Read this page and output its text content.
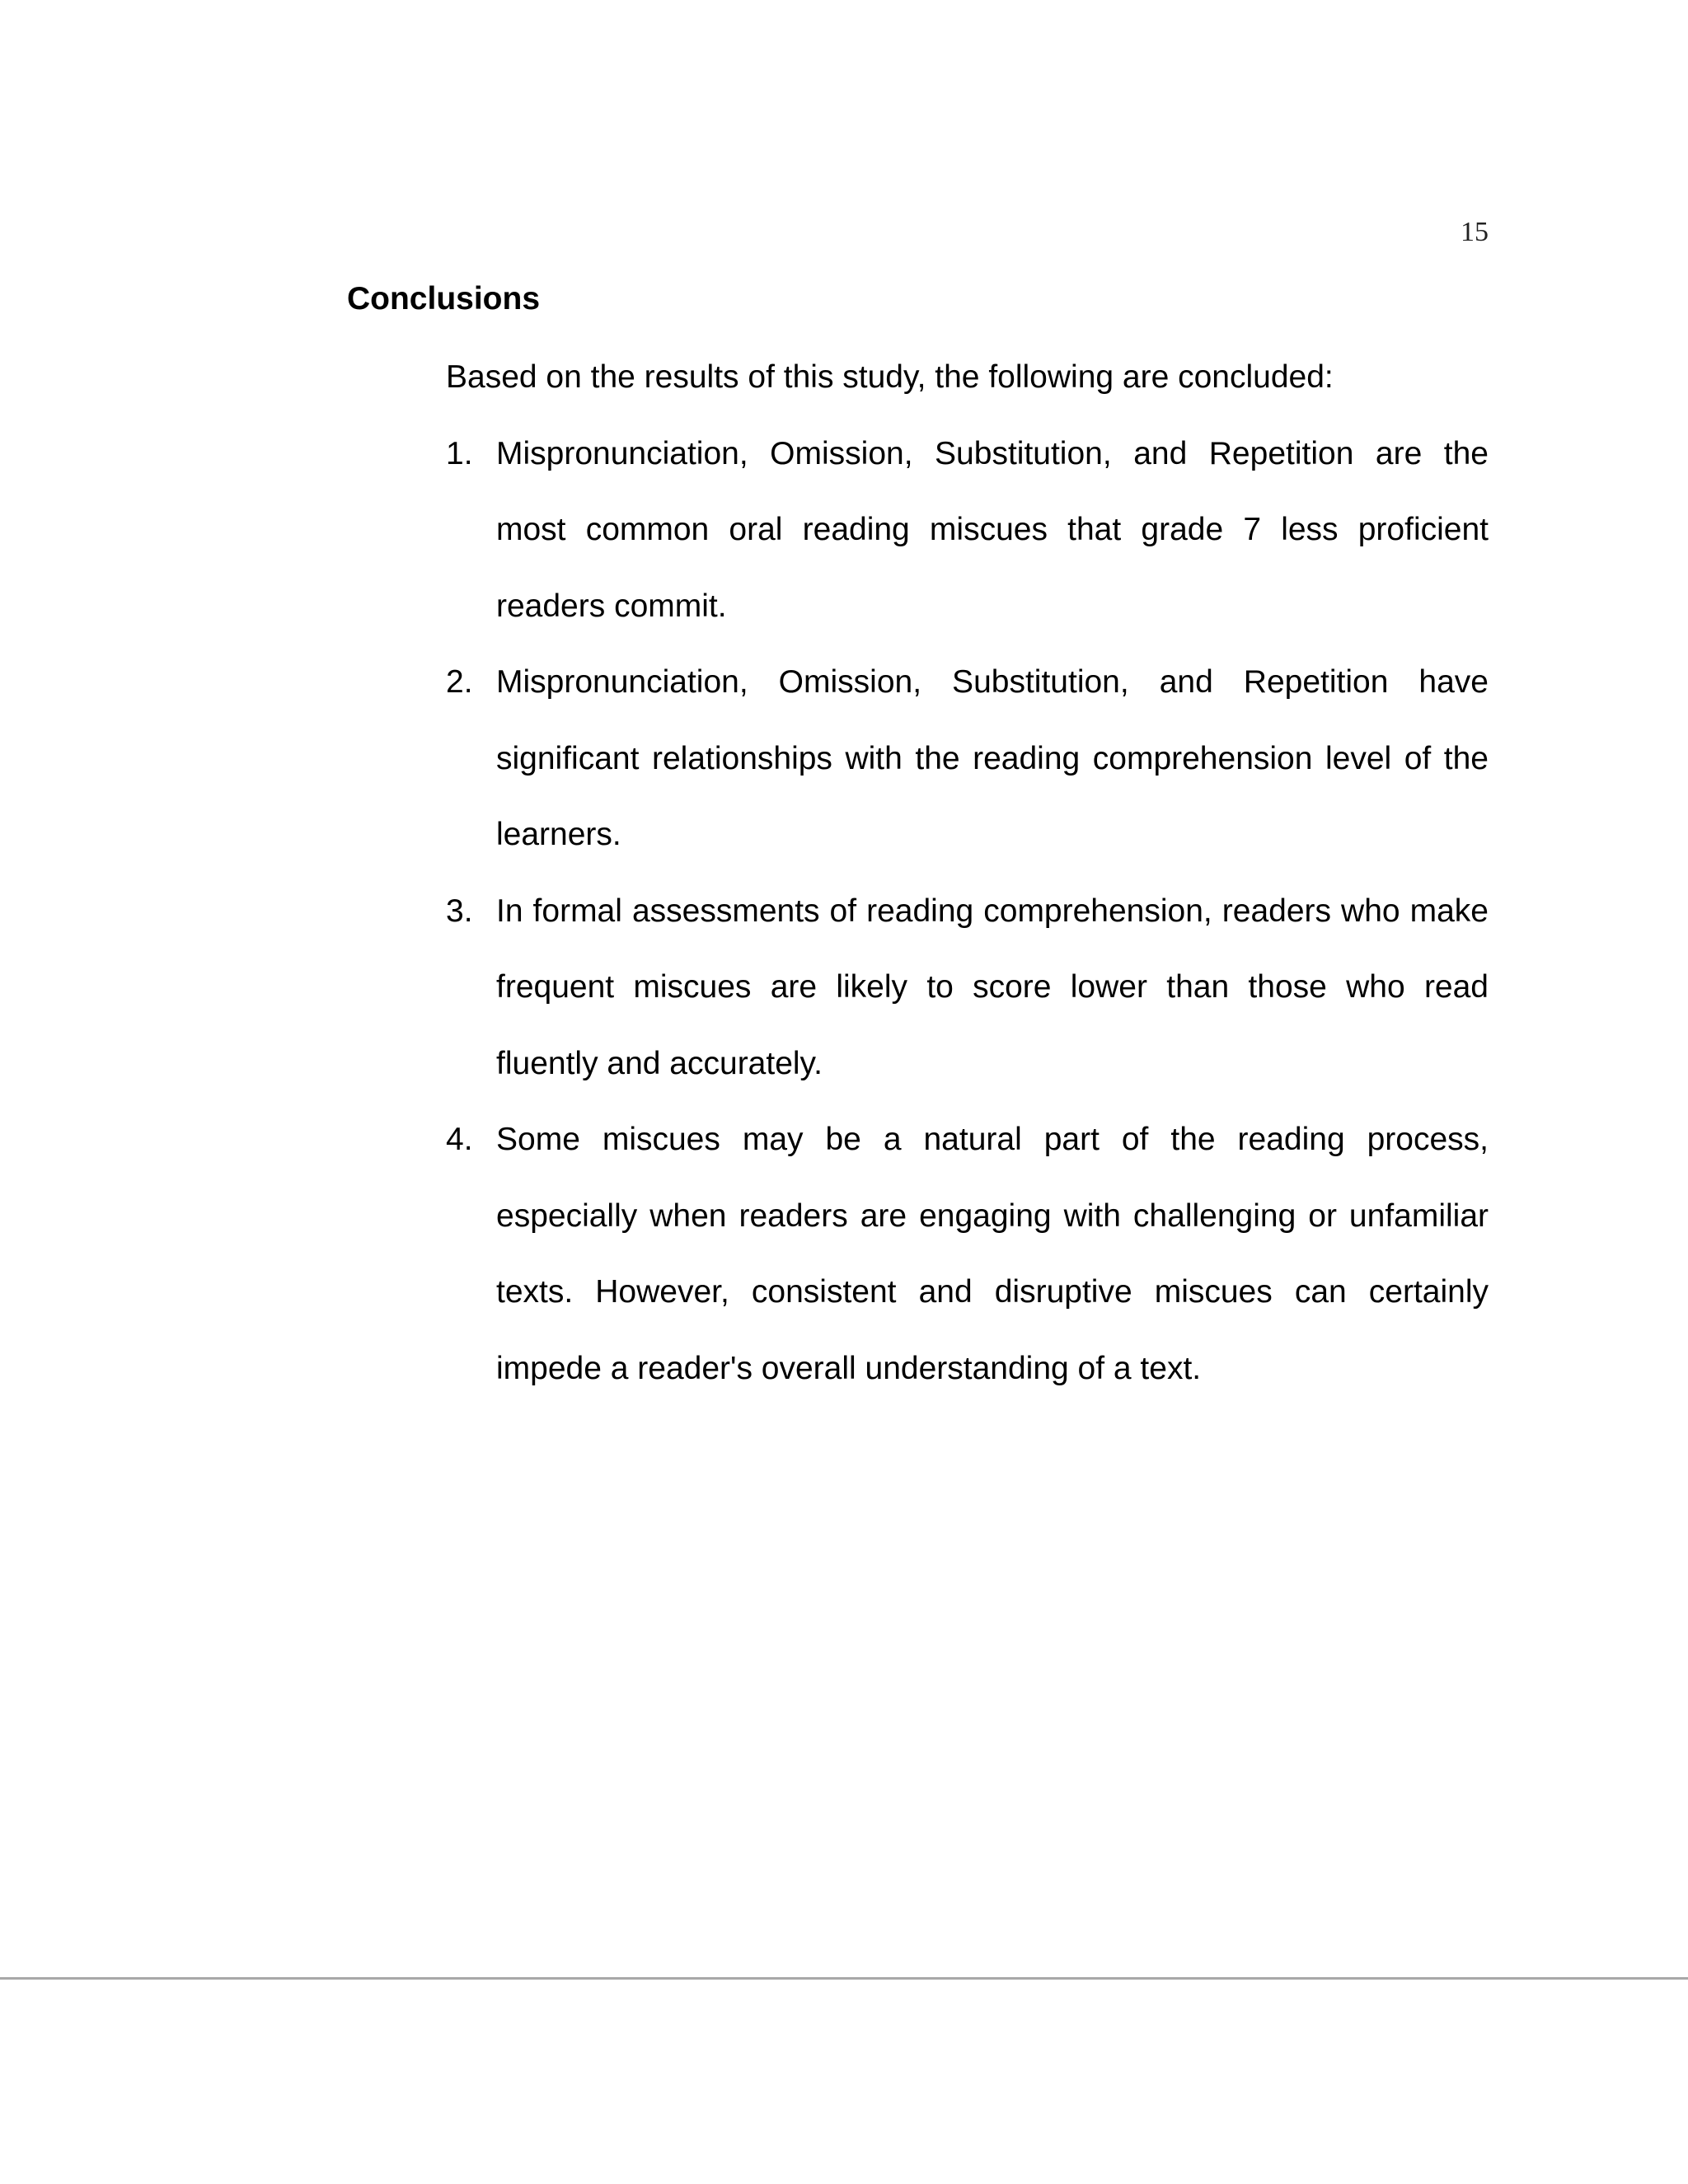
15
Conclusions

Based on the results of this study, the following are concluded:

1. Mispronunciation, Omission, Substitution, and Repetition are the most common oral reading miscues that grade 7 less proficient readers commit.
2. Mispronunciation, Omission, Substitution, and Repetition have significant relationships with the reading comprehension level of the learners.
3. In formal assessments of reading comprehension, readers who make frequent miscues are likely to score lower than those who read fluently and accurately.
4. Some miscues may be a natural part of the reading process, especially when readers are engaging with challenging or unfamiliar texts. However, consistent and disruptive miscues can certainly impede a reader's overall understanding of a text.
